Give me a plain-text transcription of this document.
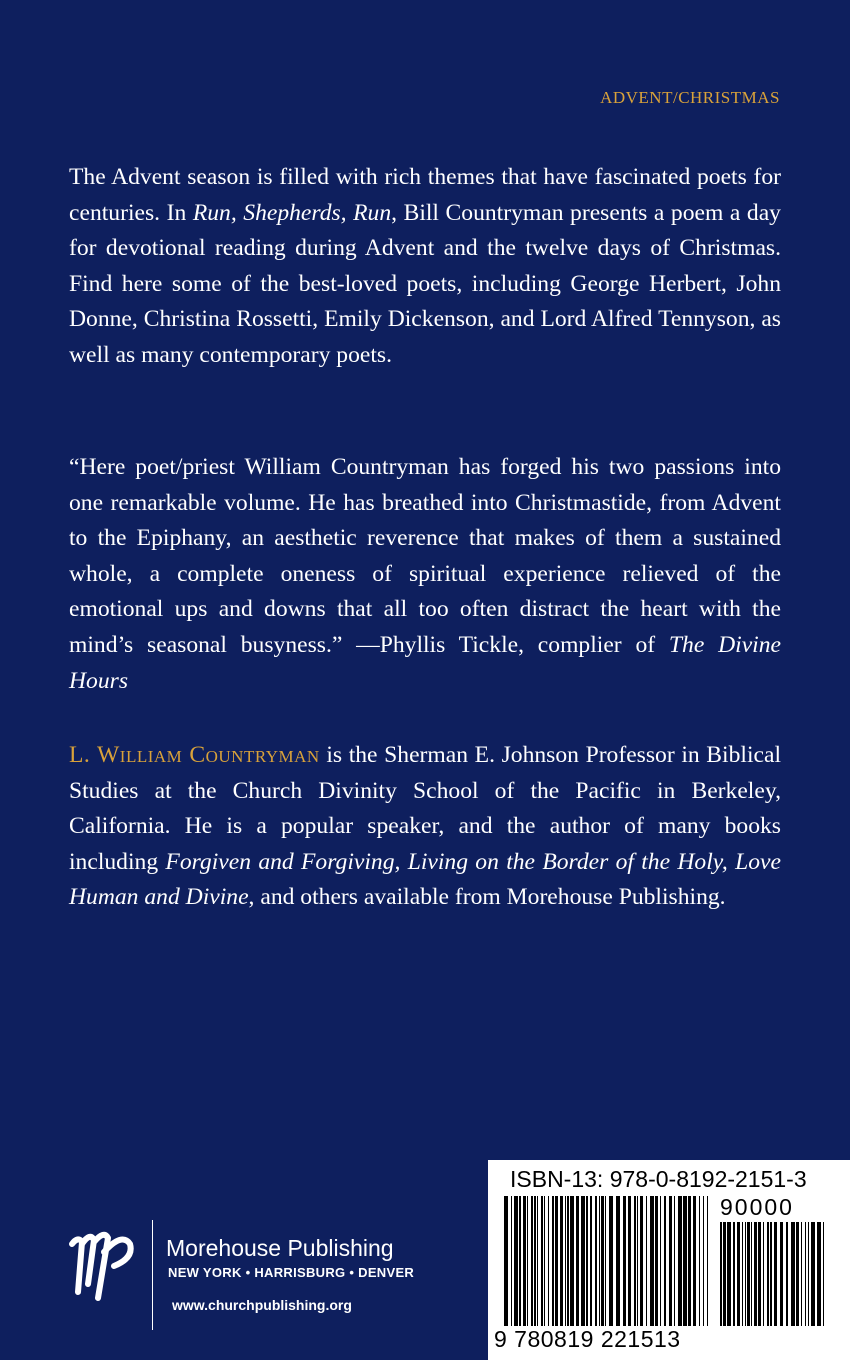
ADVENT/CHRISTMAS

The Advent season is filled with rich themes that have fascinated poets for centuries. In Run, Shepherds, Run, Bill Countryman presents a poem a day for devotional reading during Advent and the twelve days of Christmas. Find here some of the best-loved poets, including George Herbert, John Donne, Christina Rossetti, Emily Dickenson, and Lord Alfred Tennyson, as well as many contemporary poets.

“Here poet/priest William Countryman has forged his two passions into one remarkable volume. He has breathed into Christmastide, from Advent to the Epiphany, an aesthetic reverence that makes of them a sustained whole, a complete oneness of spiritual experience relieved of the emotional ups and downs that all too often distract the heart with the mind’s seasonal busyness.” —Phyllis Tickle, complier of The Divine Hours

L. William Countryman is the Sherman E. Johnson Professor in Biblical Studies at the Church Divinity School of the Pacific in Berkeley, California. He is a popular speaker, and the author of many books including Forgiven and Forgiving, Living on the Border of the Holy, Love Human and Divine, and others available from Morehouse Publishing.

Morehouse Publishing
NEW YORK • HARRISBURG • DENVER
www.churchpublishing.org
ISBN-13: 978-0-8192-2151-3
90000
9 780819 221513
